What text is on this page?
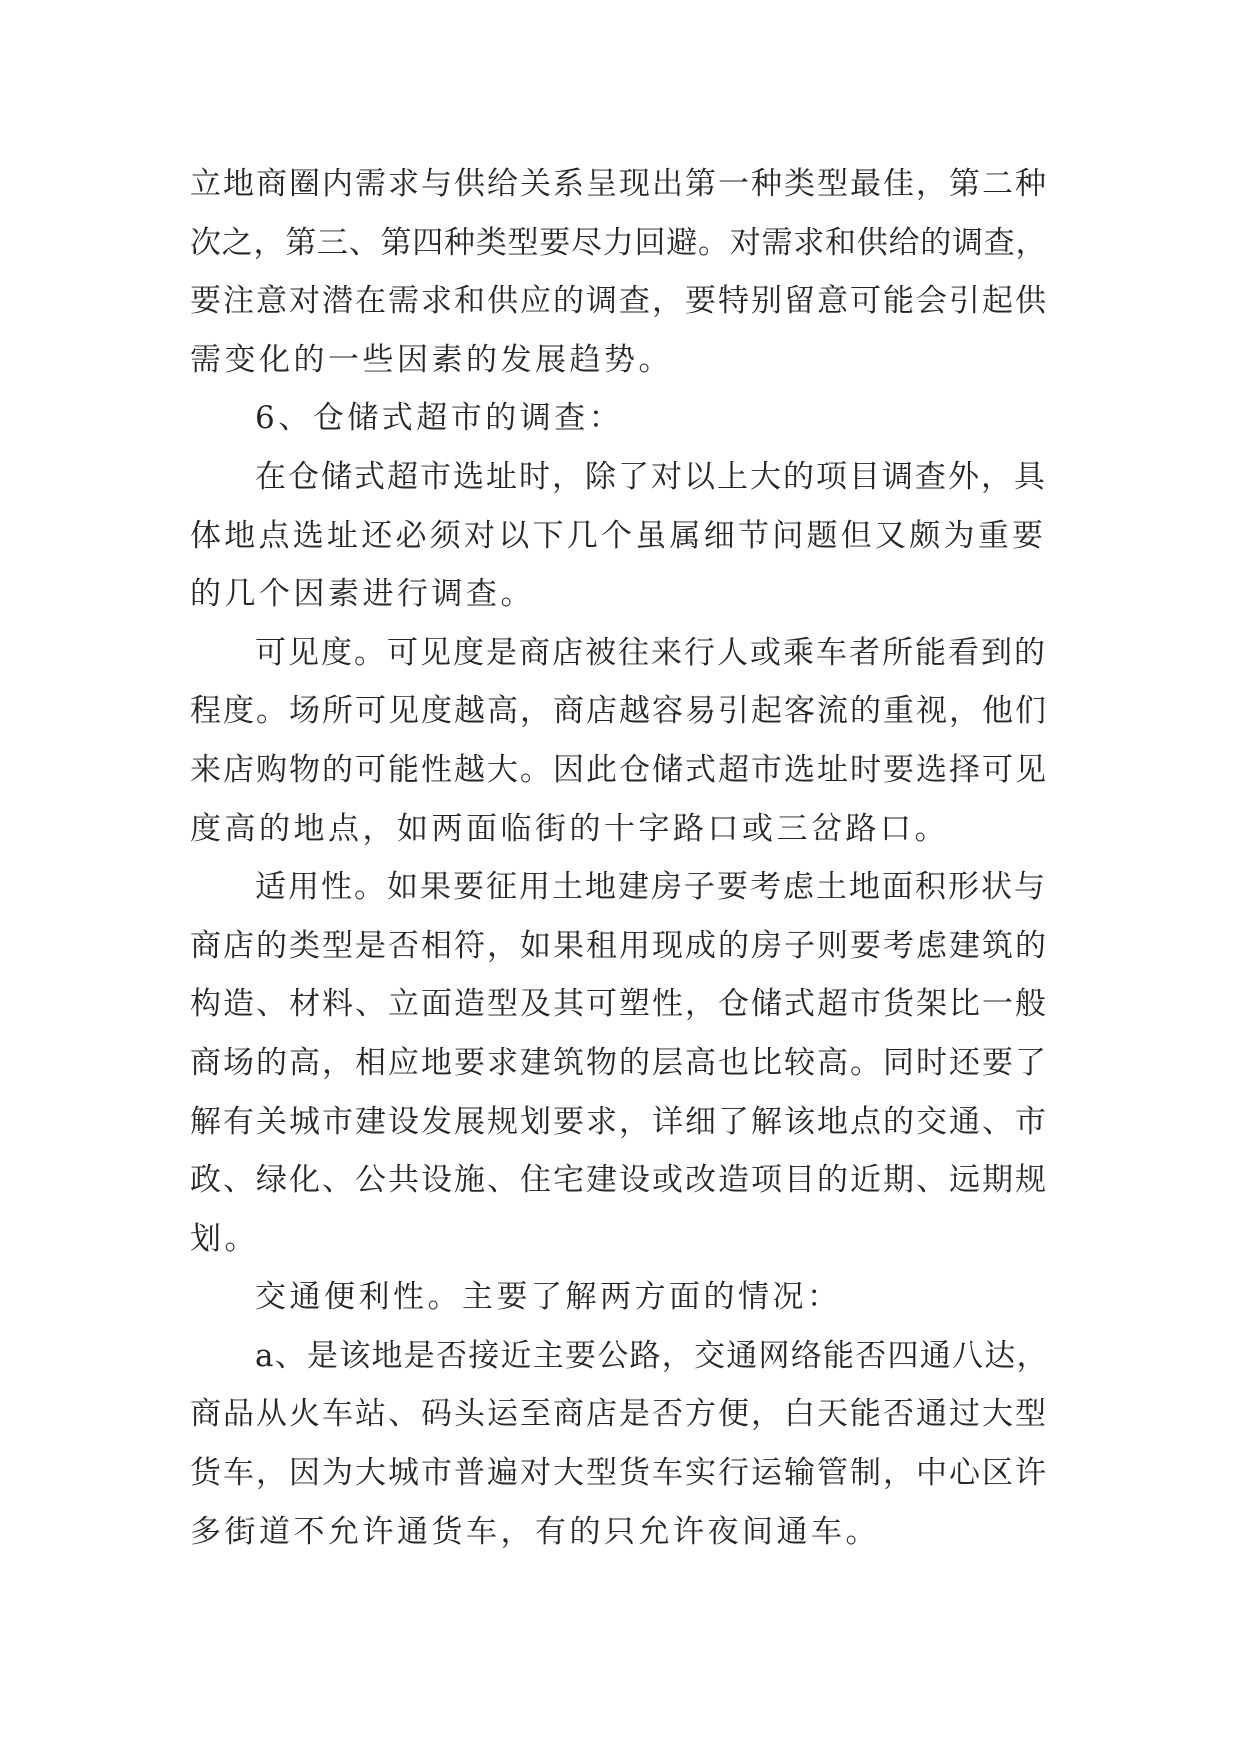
立地商圈内需求与供给关系呈现出第一种类型最佳，第二种
次之，第三、第四种类型要尽力回避。对需求和供给的调查，
要注意对潜在需求和供应的调查，要特别留意可能会引起供
需变化的一些因素的发展趋势。
6、仓储式超市的调查：
在仓储式超市选址时，除了对以上大的项目调查外，具
体地点选址还必须对以下几个虽属细节问题但又颇为重要
的几个因素进行调查。
可见度。可见度是商店被往来行人或乘车者所能看到的
程度。场所可见度越高，商店越容易引起客流的重视，他们
来店购物的可能性越大。因此仓储式超市选址时要选择可见
度高的地点，如两面临街的十字路口或三岔路口。
适用性。如果要征用土地建房子要考虑土地面积形状与
商店的类型是否相符，如果租用现成的房子则要考虑建筑的
构造、材料、立面造型及其可塑性，仓储式超市货架比一般
商场的高，相应地要求建筑物的层高也比较高。同时还要了
解有关城市建设发展规划要求，详细了解该地点的交通、市
政、绿化、公共设施、住宅建设或改造项目的近期、远期规
划。
交通便利性。主要了解两方面的情况：
a、是该地是否接近主要公路，交通网络能否四通八达，
商品从火车站、码头运至商店是否方便，白天能否通过大型
货车，因为大城市普遍对大型货车实行运输管制，中心区许
多街道不允许通货车，有的只允许夜间通车。
